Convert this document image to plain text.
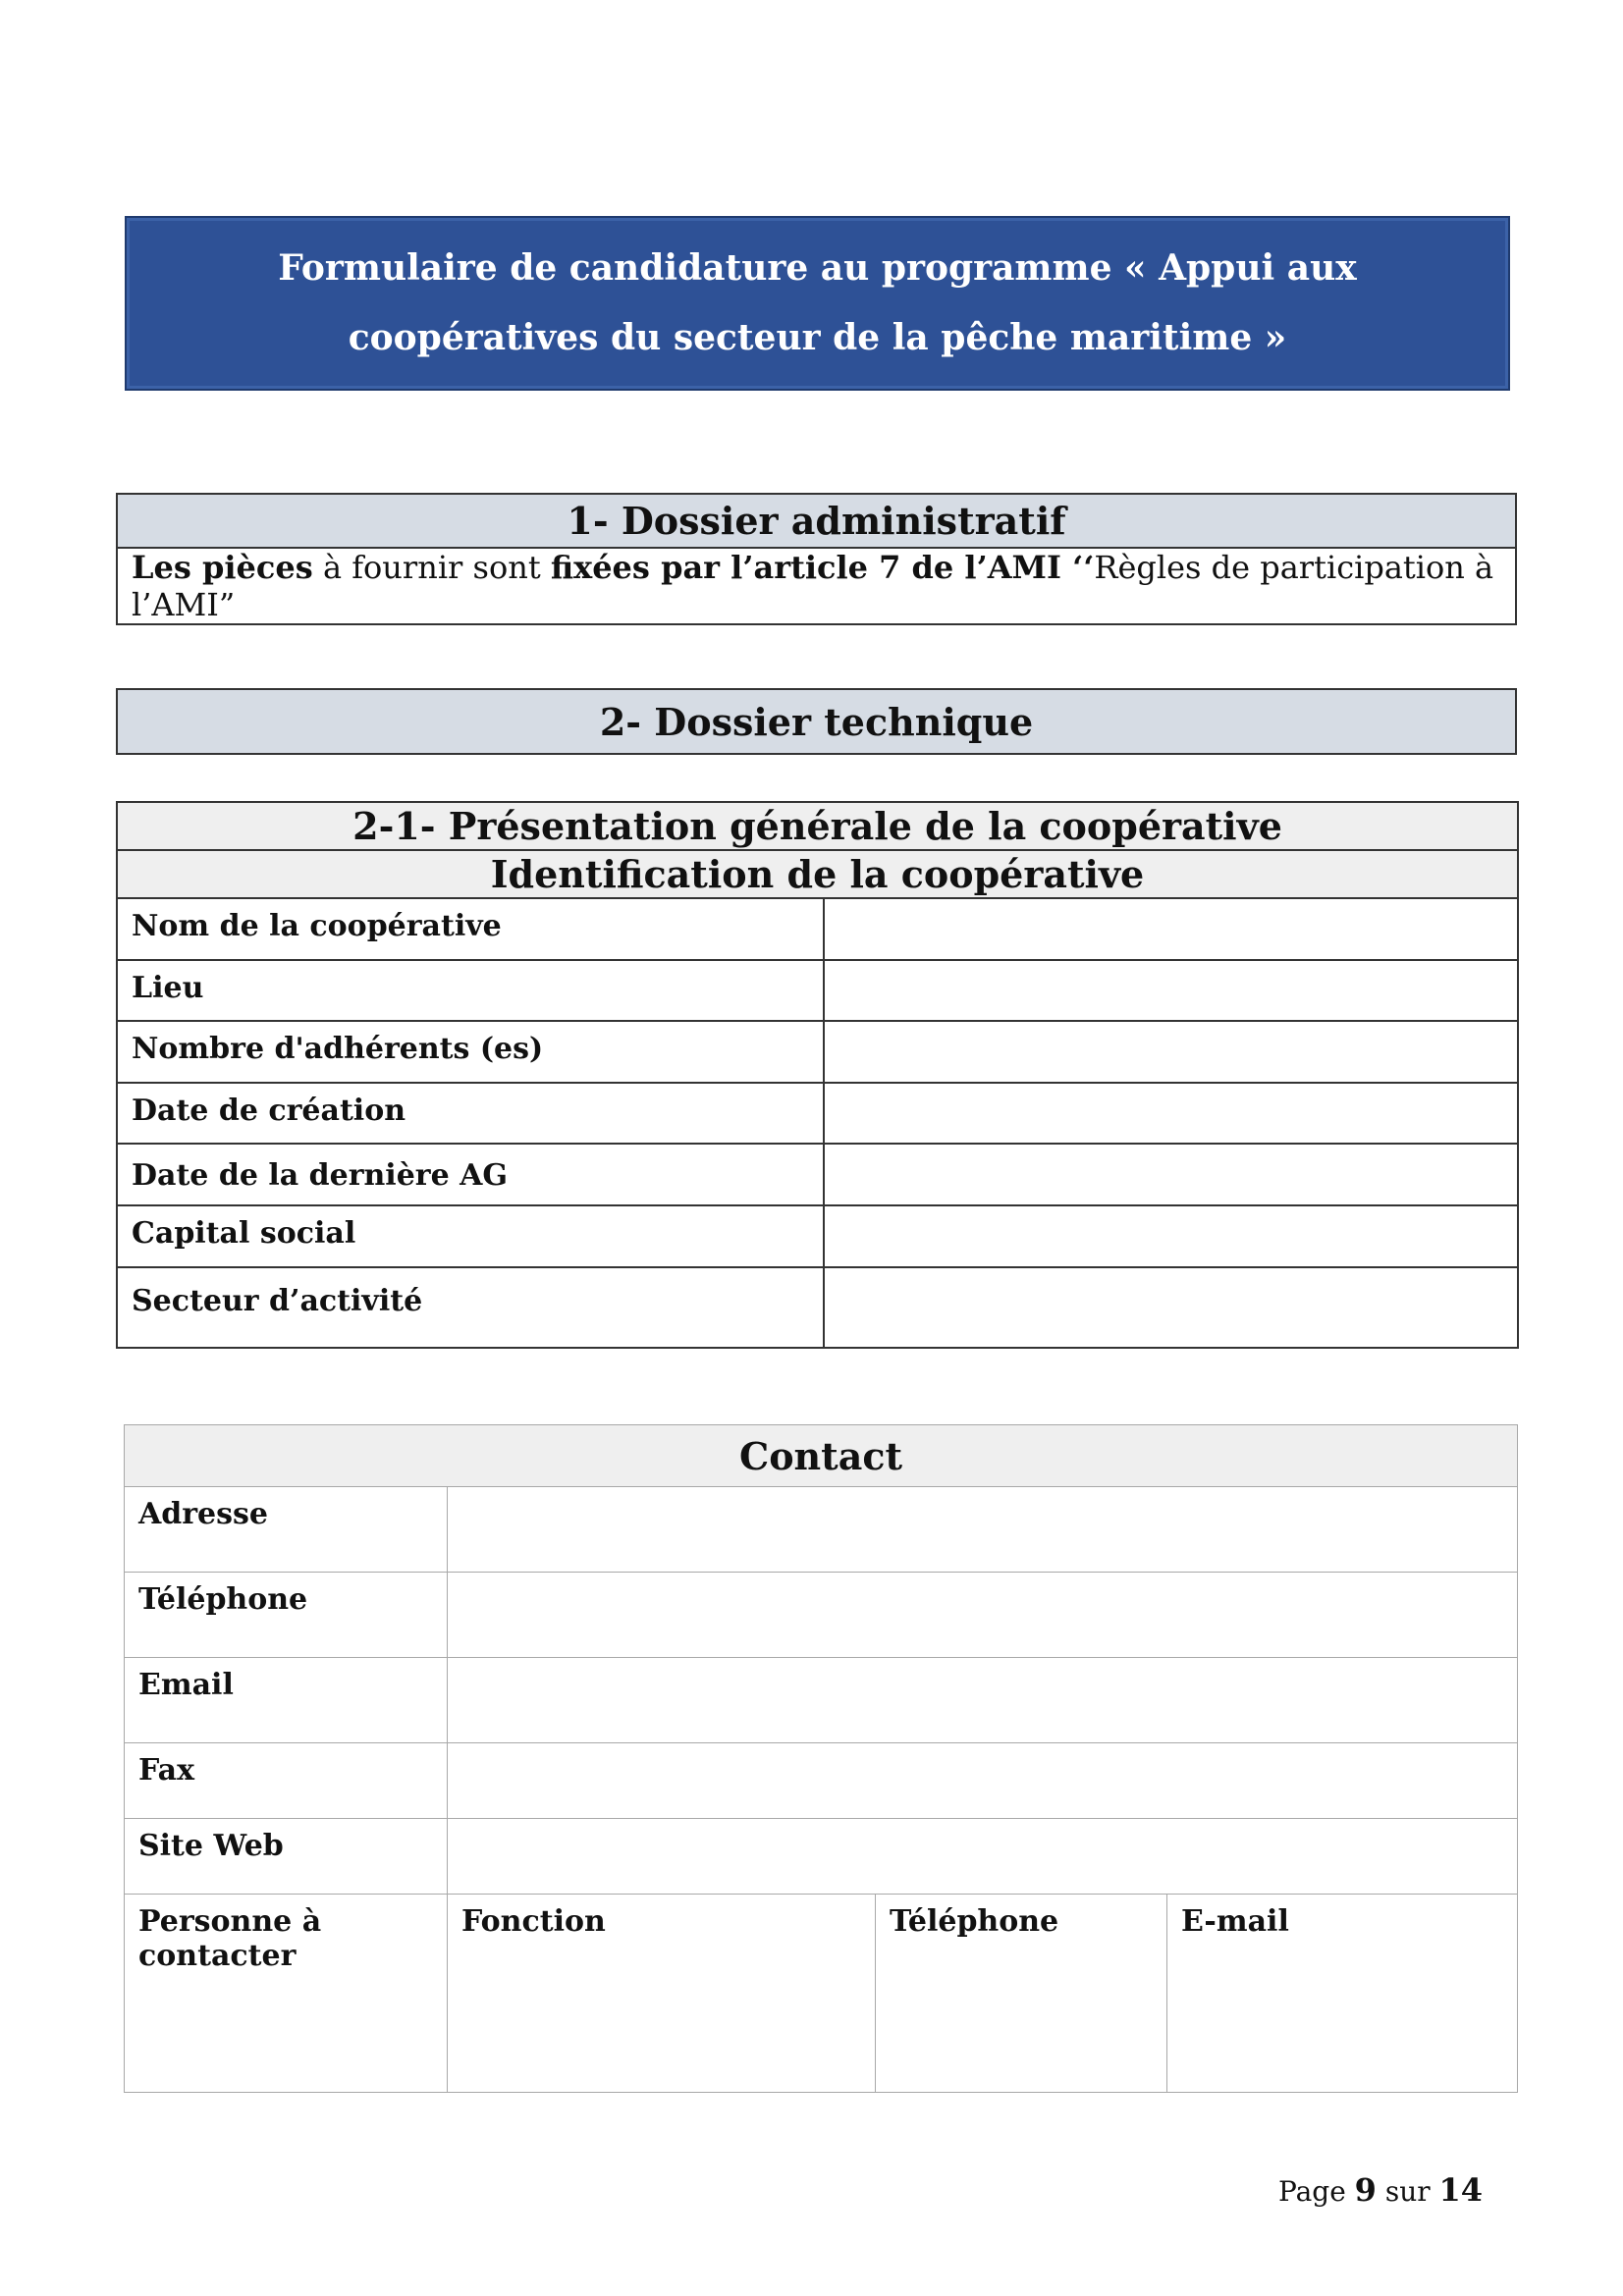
Formulaire de candidature au programme « Appui aux coopératives du secteur de la pêche maritime »
1- Dossier administratif
Les pièces à fournir sont fixées par l’article 7 de l’AMI ‘‘Règles de participation à l’AMI”
2- Dossier technique
2-1- Présentation générale de la coopérative	
Identification de la coopérative	
Nom de la coopérative	
Lieu	
Nombre d'adhérents (es)	
Date de création	
Date de la dernière AG	
Capital social	
Secteur d’activité	
Contact			
Adresse			
Téléphone			
Email			
Fax			
Site Web			
Personne à contacter	Fonction	Téléphone	E-mail
Page 9 sur 14
